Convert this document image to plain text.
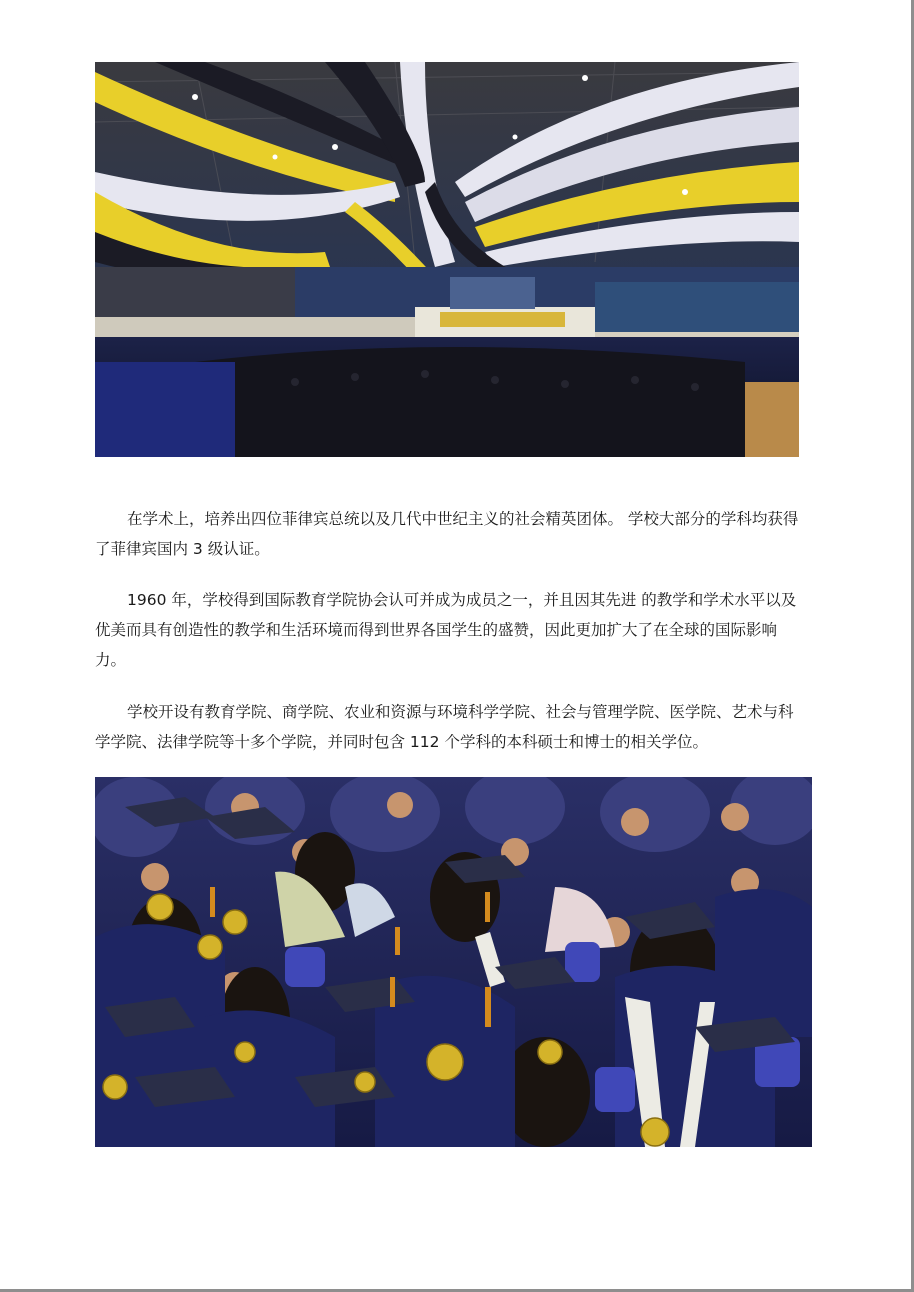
在学术上，培养出四位菲律宾总统以及几代中世纪主义的社会精英团体。 学校大部分的学科均获得了菲律宾国内 3 级认证。

1960 年，学校得到国际教育学院协会认可并成为成员之一，并且因其先进 的教学和学术水平以及优美而具有创造性的教学和生活环境而得到世界各国学生的盛赞，因此更加扩大了在全球的国际影响力。

学校开设有教育学院、商学院、农业和资源与环境科学学院、社会与管理学院、医学院、艺术与科学学院、法律学院等十多个学院，并同时包含 112 个学科的本科硕士和博士的相关学位。
